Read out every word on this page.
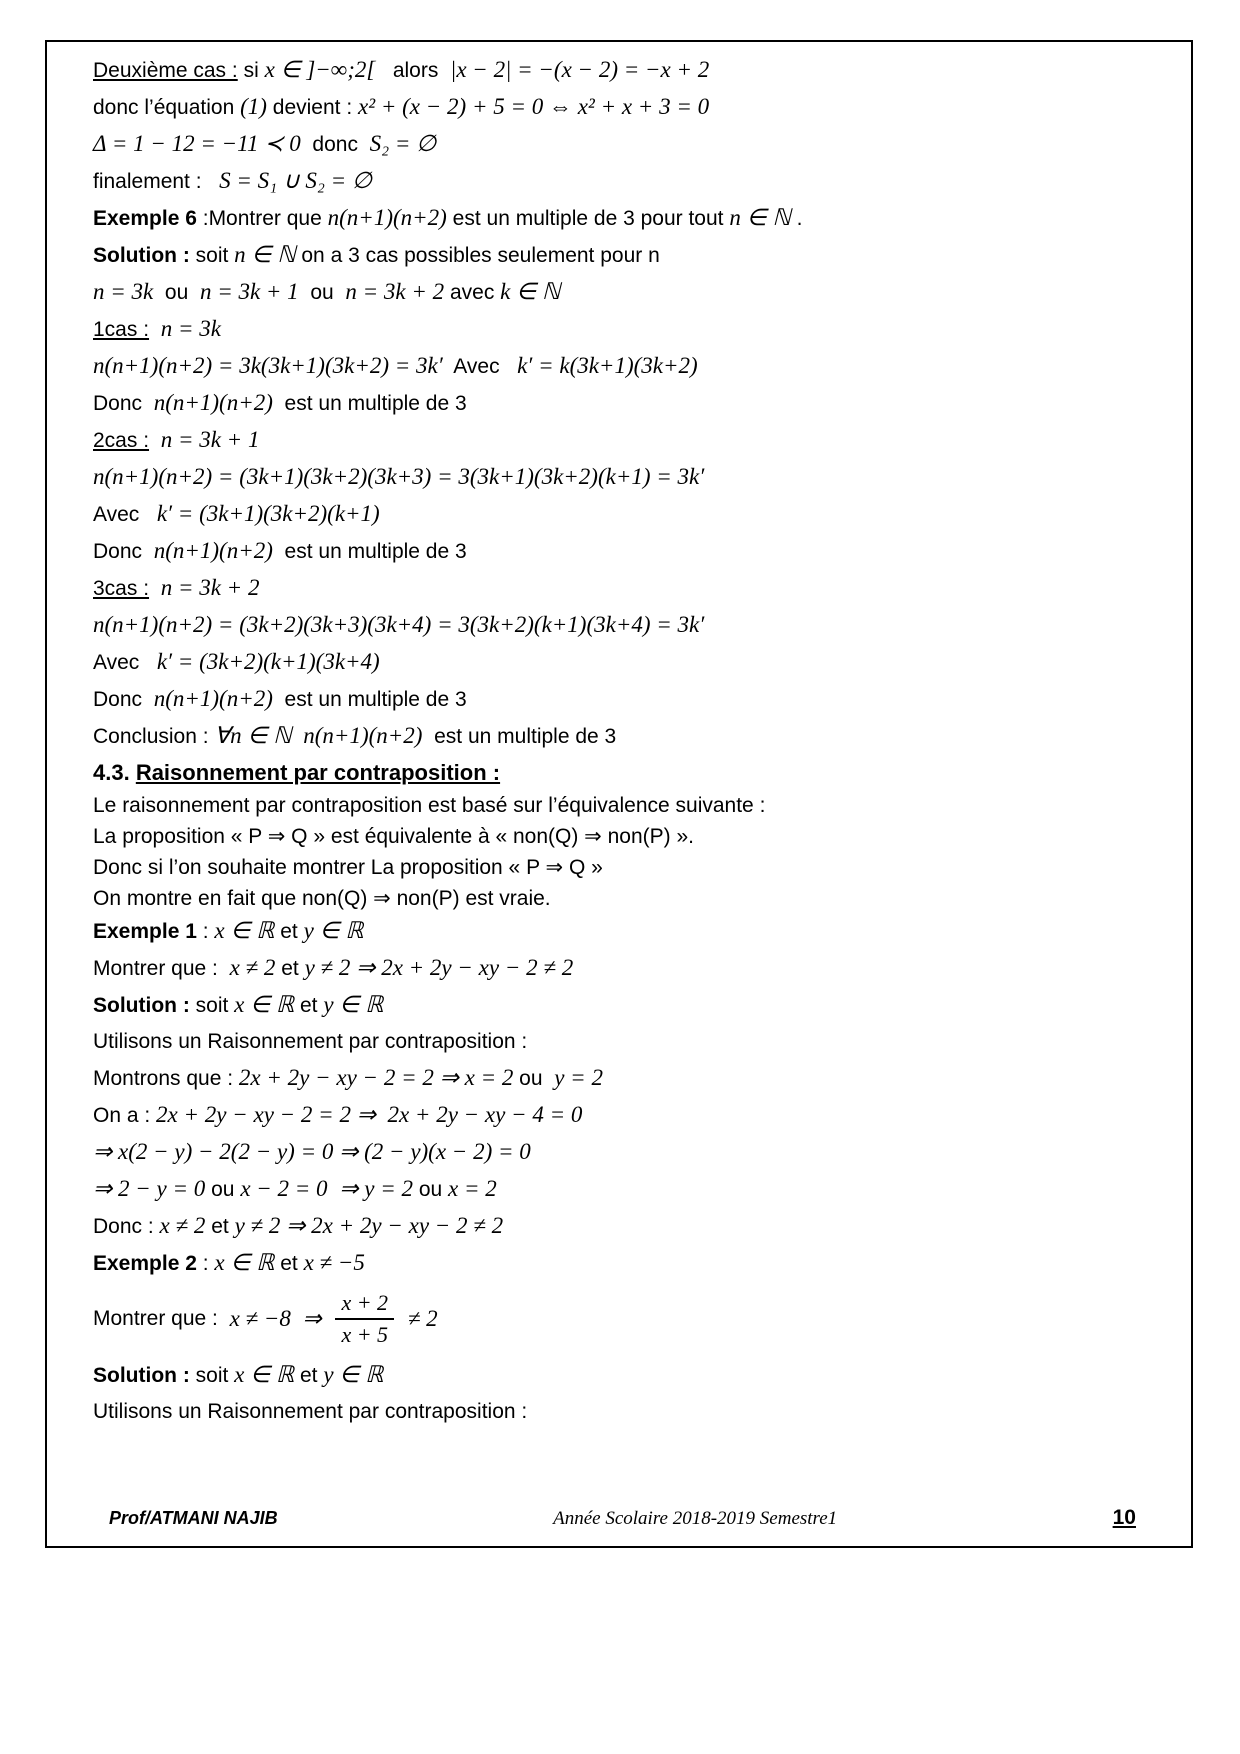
Deuxième cas : si x ∈ ]−∞;2[   alors  |x − 2| = −(x − 2) = −x + 2
donc l’équation (1) devient : x² + (x − 2) + 5 = 0 ⇔ x² + x + 3 = 0
Δ = 1 − 12 = −11 ≺ 0  donc  S₂ = ∅
finalement :   S = S₁ ∪ S₂ = ∅
Exemple 6 :Montrer que n(n+1)(n+2) est un multiple de 3 pour tout n ∈ ℕ .
Solution : soit n ∈ ℕ on a 3 cas possibles seulement pour n
n = 3k  ou  n = 3k + 1  ou  n = 3k + 2 avec k ∈ ℕ
1cas : n = 3k
n(n+1)(n+2) = 3k(3k+1)(3k+2) = 3k′  Avec   k′ = k(3k+1)(3k+2)
Donc  n(n+1)(n+2)  est un multiple de 3
2cas : n = 3k + 1
n(n+1)(n+2) = (3k+1)(3k+2)(3k+3) = 3(3k+1)(3k+2)(k+1) = 3k′
Avec   k′ = (3k+1)(3k+2)(k+1)
Donc  n(n+1)(n+2)  est un multiple de 3
3cas : n = 3k + 2
n(n+1)(n+2) = (3k+2)(3k+3)(3k+4) = 3(3k+2)(k+1)(3k+4) = 3k′
Avec   k′ = (3k+2)(k+1)(3k+4)
Donc  n(n+1)(n+2)  est un multiple de 3
Conclusion : ∀n ∈ ℕ n(n+1)(n+2)  est un multiple de 3
4.3. Raisonnement par contraposition :
Le raisonnement par contraposition est basé sur l’équivalence suivante :
La proposition « P ⇒ Q » est équivalente à « non(Q) ⇒ non(P) ».
Donc si l’on souhaite montrer La proposition « P ⇒ Q »
On montre en fait que non(Q) ⇒ non(P) est vraie.
Exemple 1 : x ∈ ℝ et y ∈ ℝ
Montrer que :  x ≠ 2 et y ≠ 2 ⇒ 2x + 2y − xy − 2 ≠ 2
Solution : soit x ∈ ℝ et y ∈ ℝ
Utilisons un Raisonnement par contraposition :
Montrons que : 2x + 2y − xy − 2 = 2 ⇒ x = 2 ou  y = 2
On a : 2x + 2y − xy − 2 = 2 ⇒  2x + 2y − xy − 4 = 0
⇒ x(2 − y) − 2(2 − y) = 0 ⇒ (2 − y)(x − 2) = 0
⇒ 2 − y = 0 ou x − 2 = 0 ⇒ y = 2 ou x = 2
Donc : x ≠ 2 et y ≠ 2 ⇒ 2x + 2y − xy − 2 ≠ 2
Exemple 2 : x ∈ ℝ et x ≠ −5
Montrer que : x ≠ −8  ⇒ $\frac{x + 2}{x + 5} \ne 2$
Solution : soit x ∈ ℝ et y ∈ ℝ
Utilisons un Raisonnement par contraposition :
Prof/ATMANI NAJIB	Année Scolaire 2018-2019 Semestre1	10
